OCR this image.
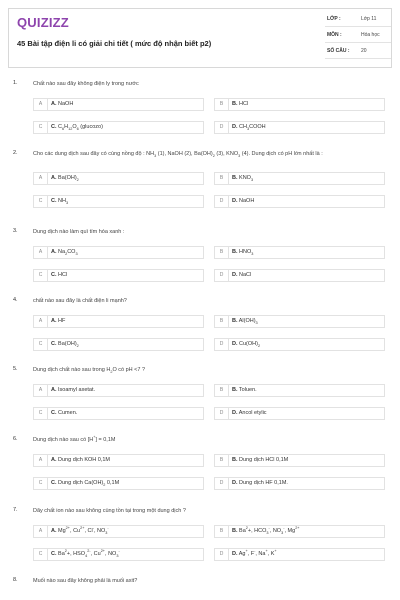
QUIZIZZ
45 Bài tập điện li có giải chi tiết ( mức độ nhận biết p2)
LỚP :	Lớp 11
MÔN :	Hóa học
SỐ CÂU : 20
1.	Chất nào sau đây không điện ly trong nước
A	A. NaOH	B	B. HCl
C	C. $C_6H_{12}O_6$ (glucozo)	D	D. $CH_3COOH$
2.	Cho các dung dịch sau đây có cùng nồng độ : $NH_3$ (1), NaOH (2), $Ba(OH)_2$ (3), $KNO_3$ (4). Dung dịch có pH lớn nhất là :
A	A. $Ba(OH)_2$	B	B. $KNO_3$
C	C. $NH_3$	D	D. NaOH
3.	Dung dịch nào làm quì tím hóa xanh :
A	A. $Na_2CO_3$	B	B. $HNO_3$
C	C. HCl	D	D. NaCl
4.	chất nào sau đây là chất điện li mạnh?
A	A. HF	B	B. $Al(OH)_3$
C	C. $Ba(OH)_2$	D	D. $Cu(OH)_2$
5.	Dung dịch chất nào sau trong $H_2O$ có pH <7 ?
A	A. Isoamyl axetat.	B	B. Toluen.
C	C. Cumen.	D	D. Ancol etylic
6.	Dung dịch nào sau có [H+] = 0,1M
A	A. Dung dịch KOH 0,1M	B	B. Dung dịch HCl 0,1M
C	C. Dung dịch $Ca(OH)_2$ 0,1M	D	D. Dung dịch HF 0,1M.
7.	Dãy chất ion nào sau không cùng tồn tại trong một dung dịch ?
A	A. $Mg^{2+}$, $Cu^{2+}$, Cl-, $NO_3^-$	B	B. $Ba^2+$, $HCO_3^-$, $NO_3^-$, $Mg^{2+}$
C	C. $Ba^2+$, $HSO_4^{2-}$, $Cu^{2+}$, $NO_3^-$	D	D. Ag+, F-, Na+, K+
8.	Muối nào sau đây không phải là muối axit?
